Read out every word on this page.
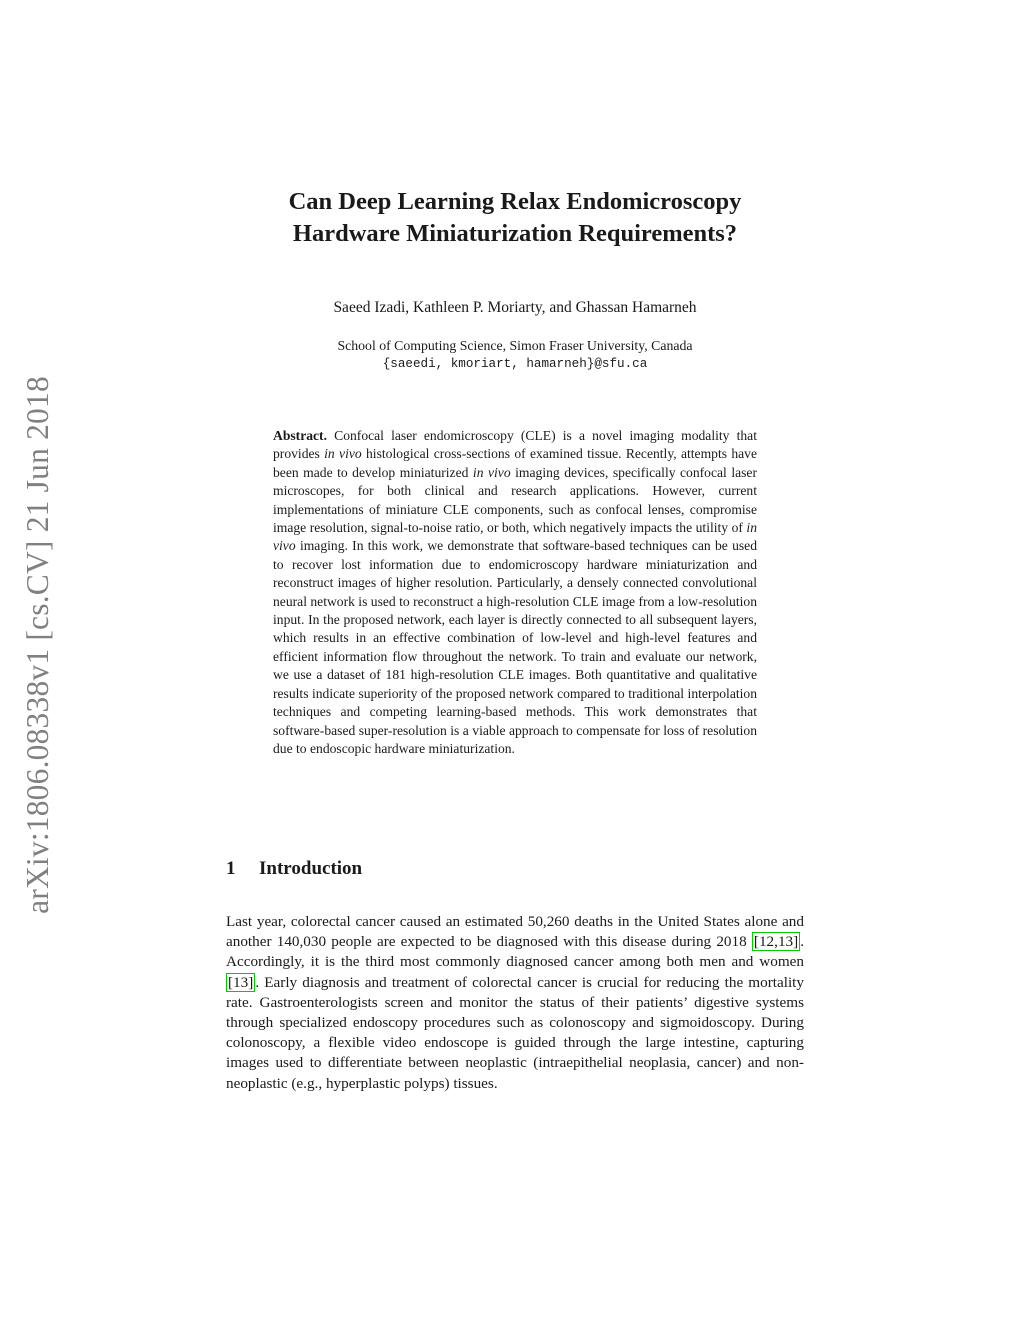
arXiv:1806.08338v1 [cs.CV] 21 Jun 2018
Can Deep Learning Relax Endomicroscopy
Hardware Miniaturization Requirements?
Saeed Izadi, Kathleen P. Moriarty, and Ghassan Hamarneh
School of Computing Science, Simon Fraser University, Canada
{saeedi, kmoriart, hamarneh}@sfu.ca
Abstract. Confocal laser endomicroscopy (CLE) is a novel imaging modality that provides in vivo histological cross-sections of examined tissue. Recently, attempts have been made to develop miniaturized in vivo imaging devices, specifically confocal laser microscopes, for both clinical and research applications. However, current implementations of miniature CLE components, such as confocal lenses, compromise image resolution, signal-to-noise ratio, or both, which negatively impacts the utility of in vivo imaging. In this work, we demonstrate that software-based techniques can be used to recover lost information due to endomicroscopy hardware miniaturization and reconstruct images of higher resolution. Particularly, a densely connected convolutional neural network is used to reconstruct a high-resolution CLE image from a low-resolution input. In the proposed network, each layer is directly connected to all subsequent layers, which results in an effective combination of low-level and high-level features and efficient information flow throughout the network. To train and evaluate our network, we use a dataset of 181 high-resolution CLE images. Both quantitative and qualitative results indicate superiority of the proposed network compared to traditional interpolation techniques and competing learning-based methods. This work demonstrates that software-based super-resolution is a viable approach to compensate for loss of resolution due to endoscopic hardware miniaturization.
1 Introduction
Last year, colorectal cancer caused an estimated 50,260 deaths in the United States alone and another 140,030 people are expected to be diagnosed with this disease during 2018 [12,13] . Accordingly, it is the third most commonly diagnosed cancer among both men and women [13] . Early diagnosis and treatment of colorectal cancer is crucial for reducing the mortality rate. Gastroenterologists screen and monitor the status of their patients’ digestive systems through specialized endoscopy procedures such as colonoscopy and sigmoidoscopy. During colonoscopy, a flexible video endoscope is guided through the large intestine, capturing images used to differentiate between neoplastic (intraepithelial neoplasia, cancer) and non-neoplastic (e.g., hyperplastic polyps) tissues.
